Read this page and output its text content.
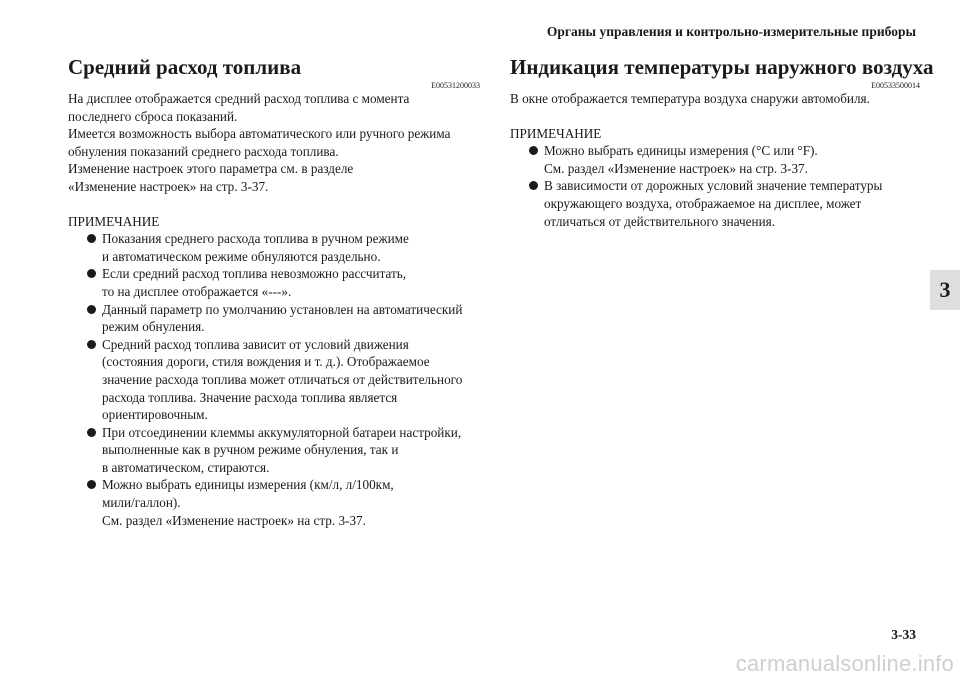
Органы управления и контрольно-измерительные приборы
Средний расход топлива
E00531200033
На дисплее отображается средний расход топлива с момента
последнего сброса показаний.
Имеется возможность выбора автоматического или ручного режима
обнуления показаний среднего расхода топлива.
Изменение настроек этого параметра см. в разделе
«Изменение настроек» на стр. 3-37.
ПРИМЕЧАНИЕ
Показания среднего расхода топлива в ручном режиме
и автоматическом режиме обнуляются раздельно.
Если средний расход топлива невозможно рассчитать,
то на дисплее отображается «---».
Данный параметр по умолчанию установлен на автоматический
режим обнуления.
Средний расход топлива зависит от условий движения
(состояния дороги, стиля вождения и т. д.). Отображаемое
значение расхода топлива может отличаться от действительного
расхода топлива. Значение расхода топлива является
ориентировочным.
При отсоединении клеммы аккумуляторной батареи настройки,
выполненные как в ручном режиме обнуления, так и
в автоматическом, стираются.
Можно выбрать единицы измерения (км/л, л/100км,
мили/галлон).
См. раздел «Изменение настроек» на стр. 3-37.
Индикация температуры наружного воздуха
E00533500014
В окне отображается температура воздуха снаружи автомобиля.
ПРИМЕЧАНИЕ
Можно выбрать единицы измерения (°C или °F).
См. раздел «Изменение настроек» на стр. 3-37.
В зависимости от дорожных условий значение температуры
окружающего воздуха, отображаемое на дисплее, может
отличаться от действительного значения.
3
3-33
carmanualsonline.info
